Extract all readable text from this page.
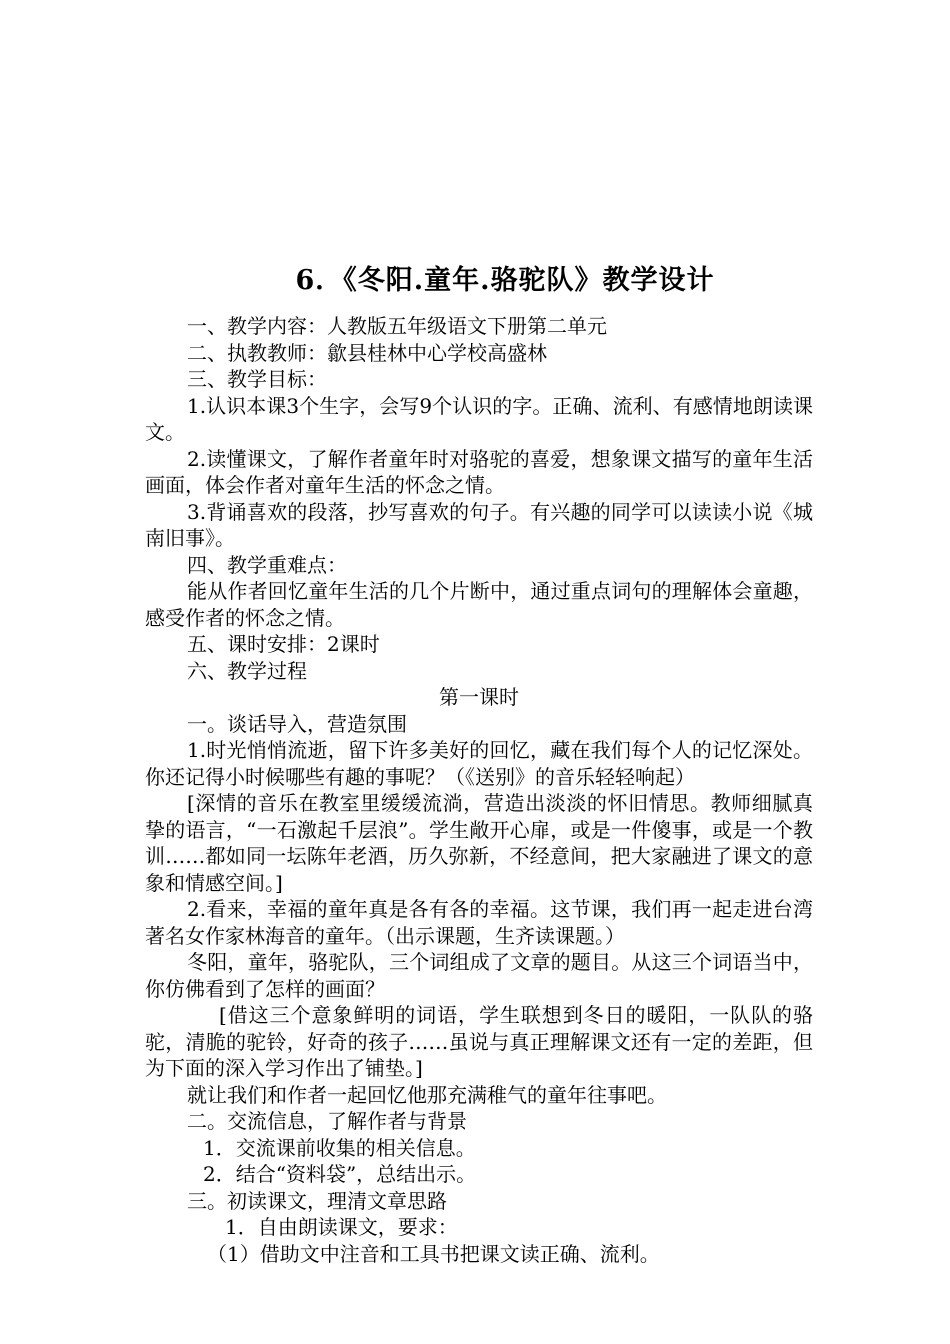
6．《冬阳.童年.骆驼队》教学设计

一、教学内容：人教版五年级语文下册第二单元

二、执教教师：歙县桂林中心学校高盛林

三、教学目标：

1.认识本课3个生字，会写9个认识的字。正确、流利、有感情地朗读课文。

2.读懂课文，了解作者童年时对骆驼的喜爱，想象课文描写的童年生活画面，体会作者对童年生活的怀念之情。

3.背诵喜欢的段落，抄写喜欢的句子。有兴趣的同学可以读读小说《城南旧事》。

四、教学重难点：

能从作者回忆童年生活的几个片断中，通过重点词句的理解体会童趣，感受作者的怀念之情。

五、课时安排：2课时

六、教学过程

第一课时

一。谈话导入，营造氛围

1.时光悄悄流逝，留下许多美好的回忆，藏在我们每个人的记忆深处。你还记得小时候哪些有趣的事呢？（《送别》的音乐轻轻响起）

[深情的音乐在教室里缓缓流淌，营造出淡淡的怀旧情思。教师细腻真挚的语言，“一石激起千层浪”。学生敞开心扉，或是一件傻事，或是一个教训……都如同一坛陈年老酒，历久弥新，不经意间，把大家融进了课文的意象和情感空间。]

2.看来，幸福的童年真是各有各的幸福。这节课，我们再一起走进台湾著名女作家林海音的童年。（出示课题，生齐读课题。）

冬阳，童年，骆驼队，三个词组成了文章的题目。从这三个词语当中，你仿佛看到了怎样的画面？

[借这三个意象鲜明的词语，学生联想到冬日的暖阳，一队队的骆驼，清脆的驼铃，好奇的孩子……虽说与真正理解课文还有一定的差距，但为下面的深入学习作出了铺垫。]

就让我们和作者一起回忆他那充满稚气的童年往事吧。

二。交流信息，了解作者与背景

1．交流课前收集的相关信息。

2．结合“资料袋”，总结出示。

三。初读课文，理清文章思路

1．自由朗读课文，要求：

（1）借助文中注音和工具书把课文读正确、流利。
